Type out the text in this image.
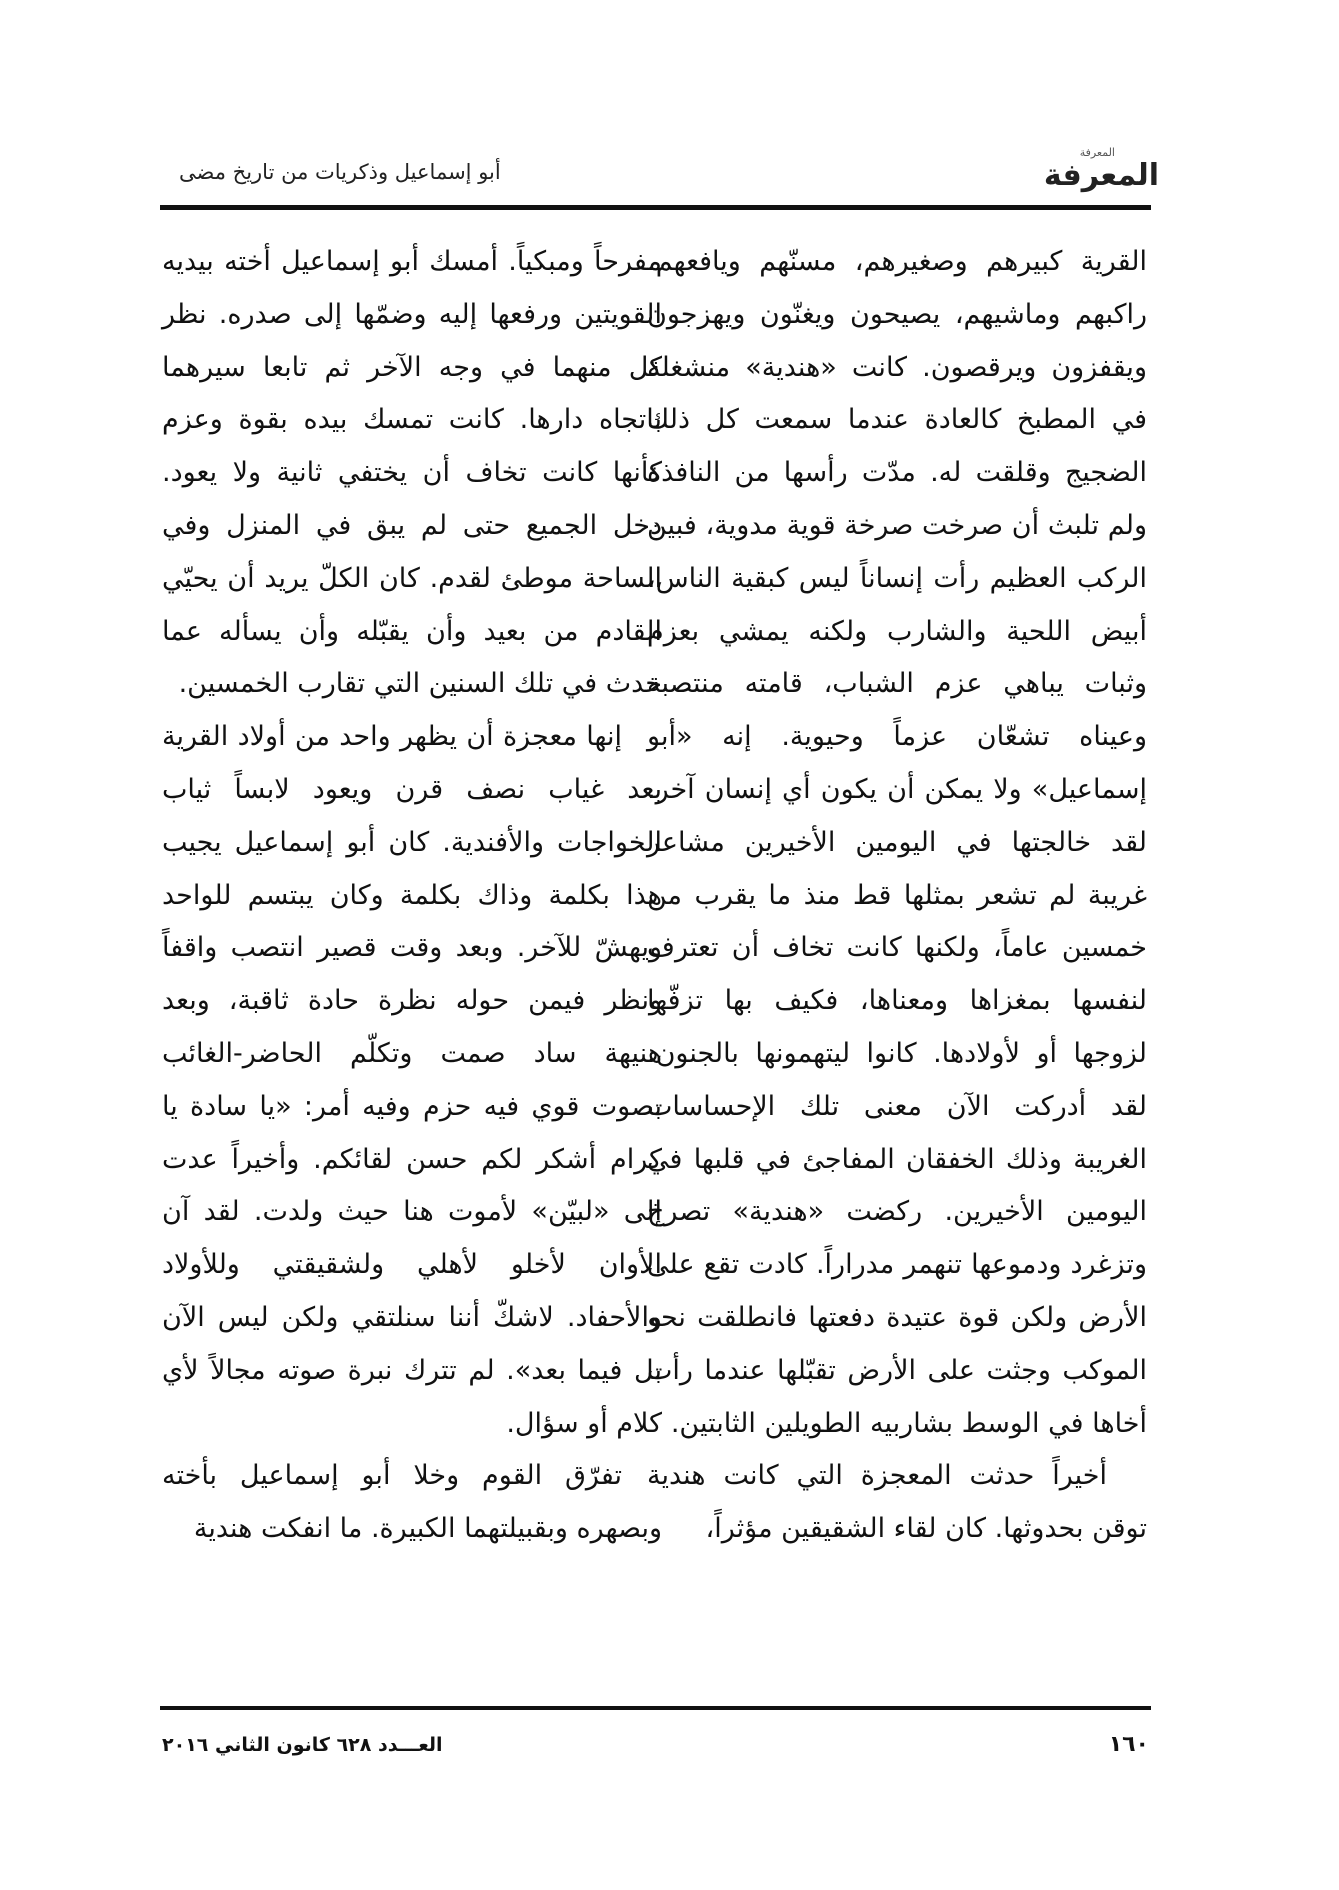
المعرفة
المعرفة
أبو إسماعيل وذكريات من تاريخ مضى

القرية كبيرهم وصغيرهم، مسنّهم ويافعهم، راكبهم وماشيهم، يصيحون ويغنّون ويهزجون ويقفزون ويرقصون. كانت «هندية» منشغلة في المطبخ كالعادة عندما سمعت كل ذلك الضجيج وقلقت له. مدّت رأسها من النافذة ولم تلبث أن صرخت صرخة قوية مدوية، فبين الركب العظيم رأت إنساناً ليس كبقية الناس، أبيض اللحية والشارب ولكنه يمشي بعزم وثبات يباهي عزم الشباب، قامته منتصبة وعيناه تشعّان عزماً وحيوية. إنه «أبو إسماعيل» ولا يمكن أن يكون أي إنسان آخر. لقد خالجتها في اليومين الأخيرين مشاعر غريبة لم تشعر بمثلها قط منذ ما يقرب من خمسين عاماً، ولكنها كانت تخاف أن تعترف لنفسها بمغزاها ومعناها، فكيف بها تزفّها لزوجها أو لأولادها. كانوا ليتهمونها بالجنون. لقد أدركت الآن معنى تلك الإحساسات الغريبة وذلك الخفقان المفاجئ في قلبها في اليومين الأخيرين. ركضت «هندية» تصرخ وتزغرد ودموعها تنهمر مدراراً. كادت تقع على الأرض ولكن قوة عتيدة دفعتها فانطلقت نحو الموكب وجثت على الأرض تقبّلها عندما رأت أخاها في الوسط بشاربيه الطويلين الثابتين.

أخيراً حدثت المعجزة التي كانت هندية توقن بحدوثها. كان لقاء الشقيقين مؤثراً،

مفرحاً ومبكياً. أمسك أبو إسماعيل أخته بيديه القويتين ورفعها إليه وضمّها إلى صدره. نظر كل منهما في وجه الآخر ثم تابعا سيرهما باتجاه دارها. كانت تمسك بيده بقوة وعزم كأنها كانت تخاف أن يختفي ثانية ولا يعود. دخل الجميع حتى لم يبق في المنزل وفي الساحة موطئ لقدم. كان الكلّ يريد أن يحيّي القادم من بعيد وأن يقبّله وأن يسأله عما حدث في تلك السنين التي تقارب الخمسين.

إنها معجزة أن يظهر واحد من أولاد القرية بعد غياب نصف قرن ويعود لابساً ثياب الخواجات والأفندية. كان أبو إسماعيل يجيب هذا بكلمة وذاك بكلمة وكان يبتسم للواحد ويهشّ للآخر. وبعد وقت قصير انتصب واقفاً ونظر فيمن حوله نظرة حادة ثاقبة، وبعد هنيهة ساد صمت وتكلّم الحاضر-الغائب بصوت قوي فيه حزم وفيه أمر: «يا سادة يا كرام أشكر لكم حسن لقائكم. وأخيراً عدت إلى «لبيّن» لأموت هنا حيث ولدت. لقد آن الأوان لأخلو لأهلي ولشقيقتي وللأولاد والأحفاد. لاشكّ أننا سنلتقي ولكن ليس الآن بل فيما بعد». لم تترك نبرة صوته مجالاً لأي كلام أو سؤال.

تفرّق القوم وخلا أبو إسماعيل بأخته وبصهره وبقبيلتهما الكبيرة. ما انفكت هندية

١٦٠
العـــدد ٦٢٨ كانون الثاني ٢٠١٦
